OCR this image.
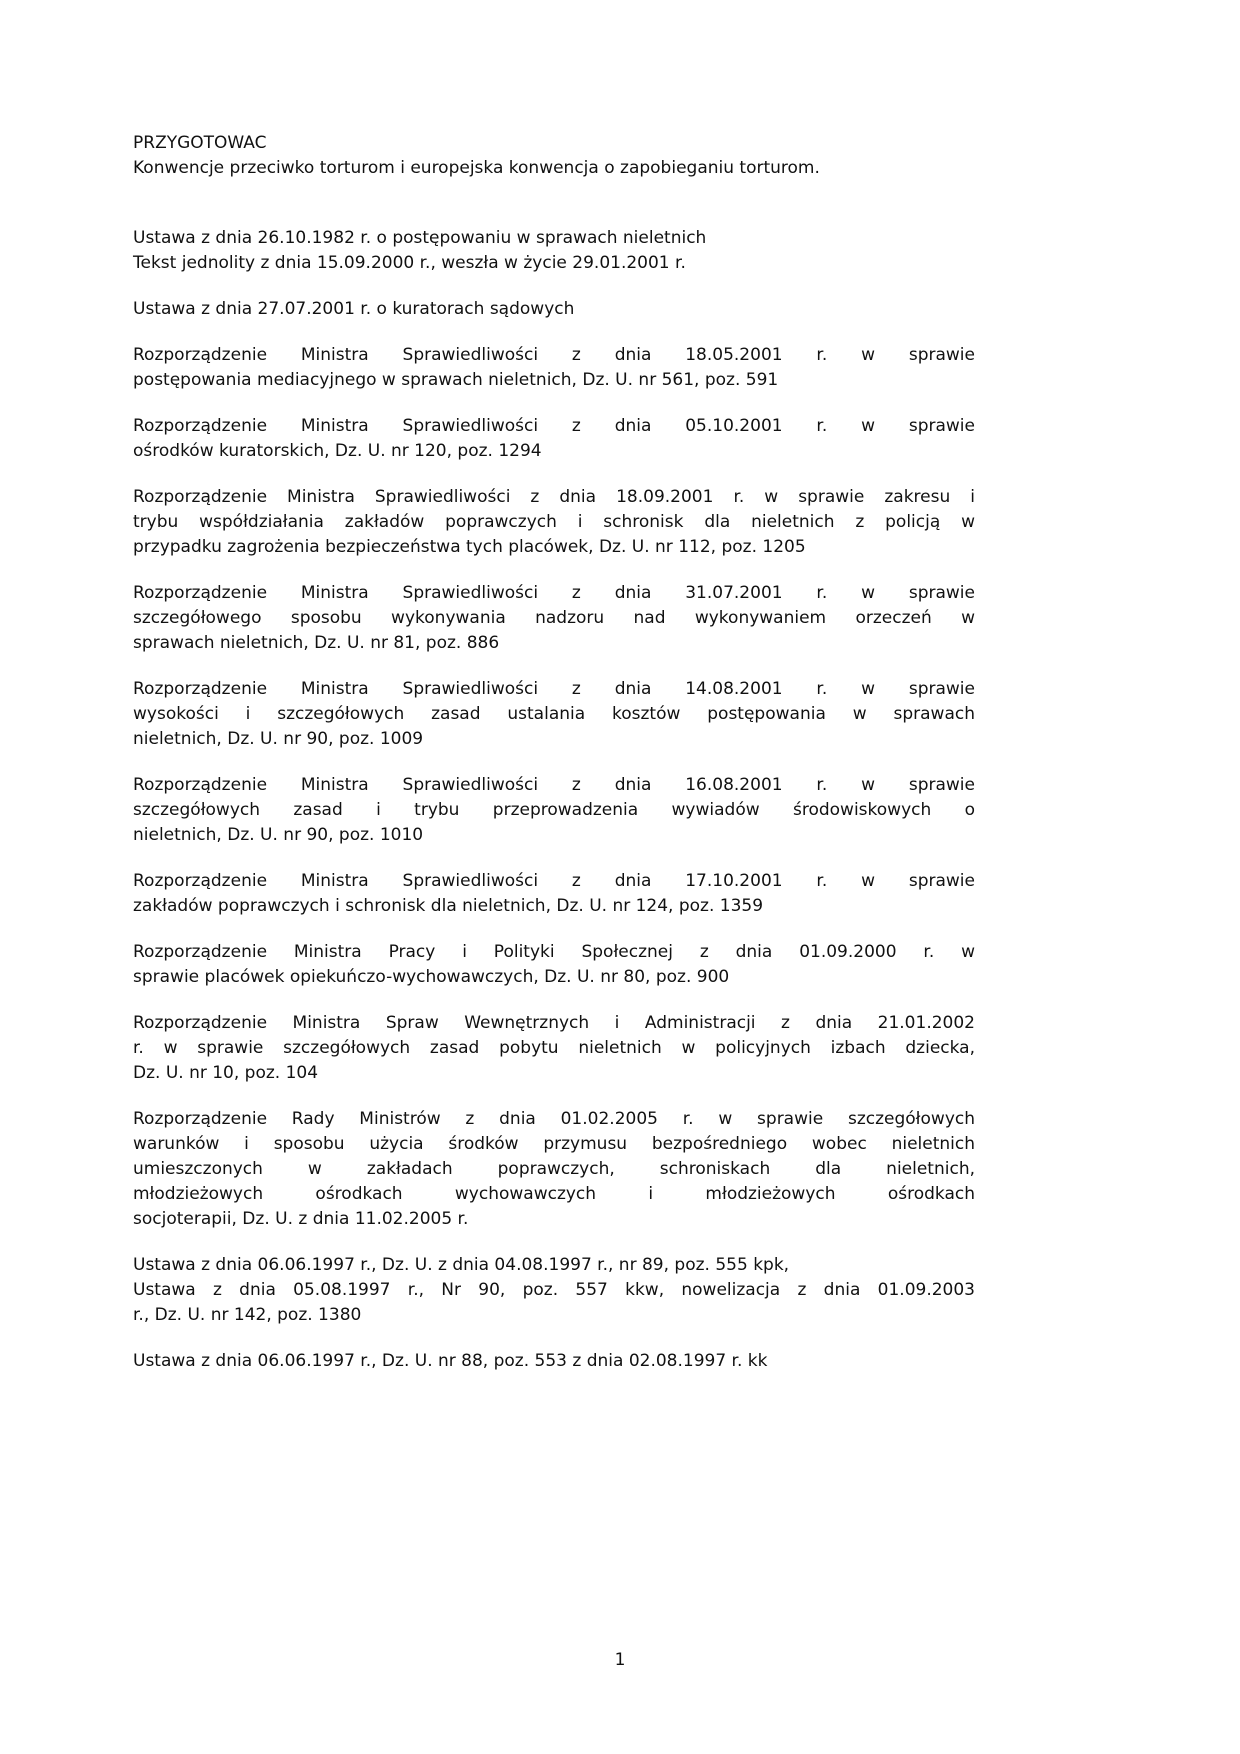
PRZYGOTOWAC
Konwencje przeciwko torturom i europejska konwencja o zapobieganiu torturom.
Ustawa z dnia 26.10.1982 r. o postępowaniu w sprawach nieletnich
Tekst jednolity z dnia 15.09.2000 r., weszła w życie 29.01.2001 r.
Ustawa z dnia 27.07.2001 r. o kuratorach sądowych
Rozporządzenie Ministra Sprawiedliwości z dnia 18.05.2001 r. w sprawie
postępowania mediacyjnego w sprawach nieletnich, Dz. U. nr 561, poz. 591
Rozporządzenie Ministra Sprawiedliwości z dnia 05.10.2001 r. w sprawie
ośrodków kuratorskich, Dz. U. nr 120, poz. 1294
Rozporządzenie Ministra Sprawiedliwości z dnia 18.09.2001 r. w sprawie zakresu i
trybu współdziałania zakładów poprawczych i schronisk dla nieletnich z policją w
przypadku zagrożenia bezpieczeństwa tych placówek, Dz. U. nr 112, poz. 1205
Rozporządzenie Ministra Sprawiedliwości z dnia 31.07.2001 r. w sprawie
szczegółowego sposobu wykonywania nadzoru nad wykonywaniem orzeczeń w
sprawach nieletnich, Dz. U. nr 81, poz. 886
Rozporządzenie Ministra Sprawiedliwości z dnia 14.08.2001 r. w sprawie
wysokości i szczegółowych zasad ustalania kosztów postępowania w sprawach
nieletnich, Dz. U. nr 90, poz. 1009
Rozporządzenie Ministra Sprawiedliwości z dnia 16.08.2001 r. w sprawie
szczegółowych zasad i trybu przeprowadzenia wywiadów środowiskowych o
nieletnich, Dz. U. nr 90, poz. 1010
Rozporządzenie Ministra Sprawiedliwości z dnia 17.10.2001 r. w sprawie
zakładów poprawczych i schronisk dla nieletnich, Dz. U. nr 124, poz. 1359
Rozporządzenie Ministra Pracy i Polityki Społecznej z dnia 01.09.2000 r. w
sprawie placówek opiekuńczo-wychowawczych, Dz. U. nr 80, poz. 900
Rozporządzenie Ministra Spraw Wewnętrznych i Administracji z dnia 21.01.2002
r. w sprawie szczegółowych zasad pobytu nieletnich w policyjnych izbach dziecka,
Dz. U. nr 10, poz. 104
Rozporządzenie Rady Ministrów z dnia 01.02.2005 r. w sprawie szczegółowych
warunków i sposobu użycia środków przymusu bezpośredniego wobec nieletnich
umieszczonych w zakładach poprawczych, schroniskach dla nieletnich,
młodzieżowych ośrodkach wychowawczych i młodzieżowych ośrodkach
socjoterapii, Dz. U. z dnia 11.02.2005 r.
Ustawa z dnia 06.06.1997 r., Dz. U. z dnia 04.08.1997 r., nr 89, poz. 555 kpk,
Ustawa z dnia 05.08.1997 r., Nr 90, poz. 557 kkw, nowelizacja z dnia 01.09.2003
r., Dz. U. nr 142, poz. 1380
Ustawa z dnia 06.06.1997 r., Dz. U. nr 88, poz. 553 z dnia 02.08.1997 r. kk
1
